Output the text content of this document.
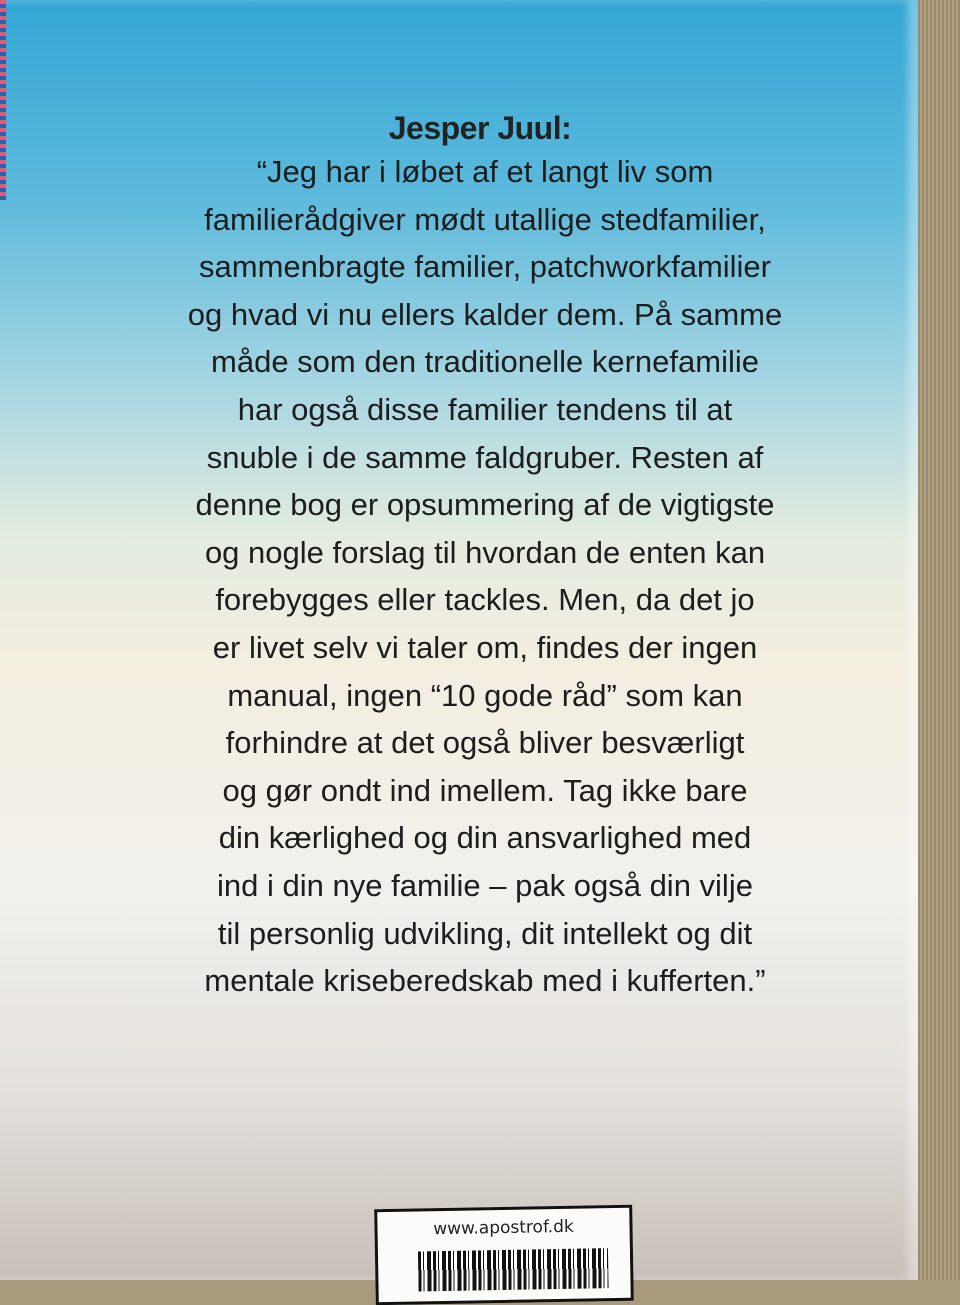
Jesper Juul:
“Jeg har i løbet af et langt liv som
familierådgiver mødt utallige stedfamilier,
sammenbragte familier, patchworkfamilier
og hvad vi nu ellers kalder dem. På samme
måde som den traditionelle kernefamilie
har også disse familier tendens til at
snuble i de samme faldgruber. Resten af
denne bog er opsummering af de vigtigste
og nogle forslag til hvordan de enten kan
forebygges eller tackles. Men, da det jo
er livet selv vi taler om, findes der ingen
manual, ingen “10 gode råd” som kan
forhindre at det også bliver besværligt
og gør ondt ind imellem. Tag ikke bare
din kærlighed og din ansvarlighed med
ind i din nye familie – pak også din vilje
til personlig udvikling, dit intellekt og dit
mentale kriseberedskab med i kufferten.”
www.apostrof.dk
